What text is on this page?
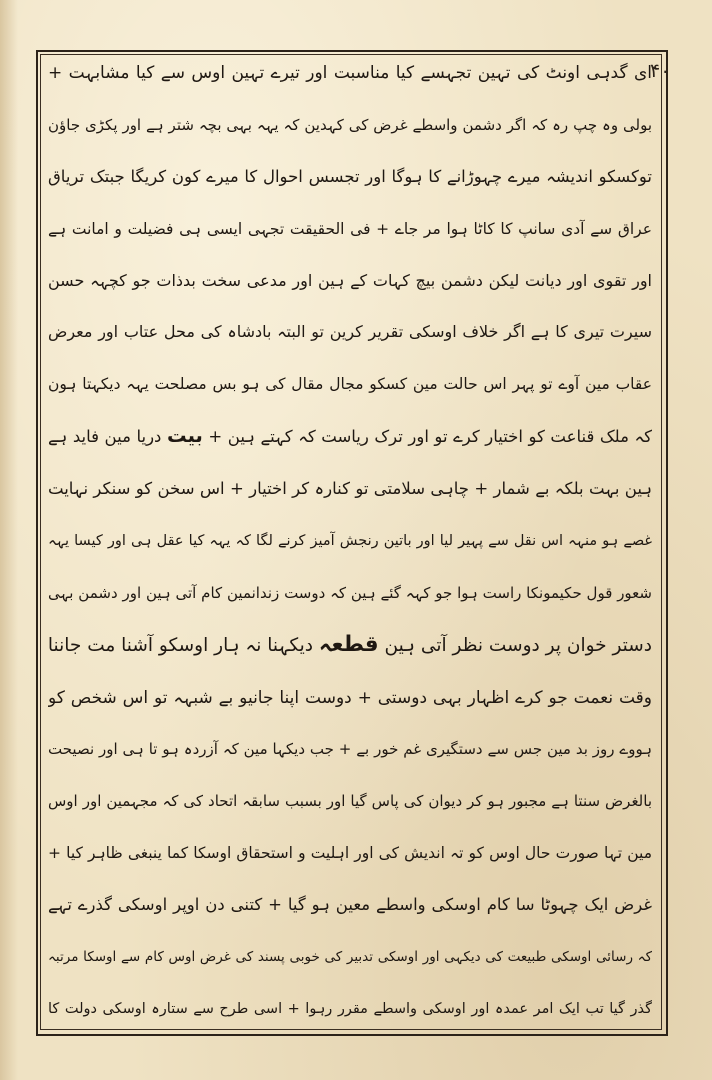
۴۰
ای گدہی اونٹ کی تہین تجہسے کیا مناسبت اور تیرے تہین اوس سے کیا مشابہت +
بولی وہ چپ رہ کہ اگر دشمن واسطے غرض کی کہدین کہ یہہ بہی بچہ شتر ہے اور پکڑی جاؤن
توکسکو اندیشہ میرے چہوڑانے کا ہوگا اور تجسس احوال کا میرے کون کریگا جبتک تریاق
عراق سے آدی سانپ کا کاٹا ہوا مر جاے + فی الحقیقت تجہی ایسی ہی فضیلت و امانت ہے
اور تقوی اور دیانت لیکن دشمن بیچ کہات کے ہین اور مدعی سخت بدذات جو کچہہ حسن
سیرت تیری کا ہے اگر خلاف اوسکی تقریر کرین تو البتہ بادشاہ کی محل عتاب اور معرض
عقاب مین آوے تو پہر اس حالت مین کسکو مجال مقال کی ہو بس مصلحت یہہ دیکہتا ہون
کہ ملک قناعت کو اختیار کرے تو اور ترک ریاست کہ کہتے ہین + بیت دریا مین فاید ہے
ہین بہت بلکہ بے شمار + چاہی سلامتی تو کنارہ کر اختیار + اس سخن کو سنکر نہایت
غصے ہو منہہ اس نقل سے پہیر لیا اور باتین رنجش آمیز کرنے لگا کہ یہہ کیا عقل ہی اور کیسا یہہ
شعور قول حکیمونکا راست ہوا جو کہہ گئے ہین کہ دوست زندانمین کام آتی ہین اور دشمن بہی
دستر خوان پر دوست نظر آتی ہین قطعہ دیکہنا نہ ہار اوسکو آشنا مت جاننا
وقت نعمت جو کرے اظہار بہی دوستی + دوست اپنا جانیو بے شبہہ تو اس شخص کو
ہووے روز بد مین جس سے دستگیری غم خور بے + جب دیکہا مین کہ آزردہ ہو تا ہی اور نصیحت
بالغرض سنتا ہے مجبور ہو کر دیوان کی پاس گیا اور بسبب سابقہ اتحاد کی کہ مجہمین اور اوس
مین تہا صورت حال اوس کو تہ اندیش کی اور اہلیت و استحقاق اوسکا کما ینبغی ظاہر کیا +
غرض ایک چہوٹا سا کام اوسکی واسطے معین ہو گیا + کتنی دن اوپر اوسکی گذرے تہے
کہ رسائی اوسکی طبیعت کی دیکہی اور اوسکی تدبیر کی خوبی پسند کی غرض اوس کام سے اوسکا مرتبہ
گذر گیا تب ایک امر عمدہ اور اوسکی واسطے مقرر رہوا + اسی طرح سے ستارہ اوسکی دولت کا
